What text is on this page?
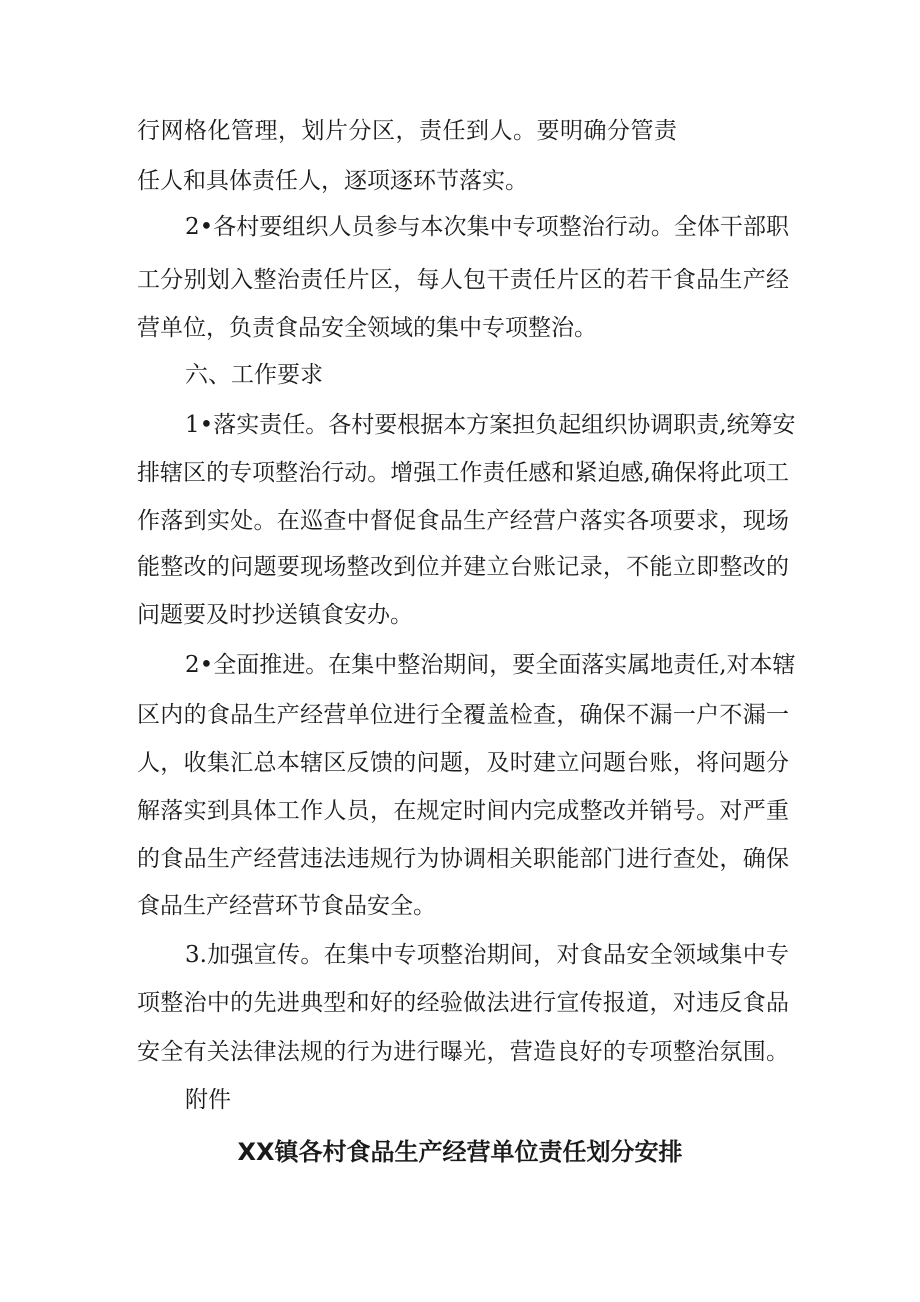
行网格化管理，划片分区，责任到人。要明确分管责
任人和具体责任人，逐项逐环节落实。
2•各村要组织人员参与本次集中专项整治行动。全体干部职
工分别划入整治责任片区，每人包干责任片区的若干食品生产经
营单位，负责食品安全领域的集中专项整治。
六、工作要求
1•落实责任。各村要根据本方案担负起组织协调职责,统筹安
排辖区的专项整治行动。增强工作责任感和紧迫感,确保将此项工
作落到实处。在巡查中督促食品生产经营户落实各项要求，现场
能整改的问题要现场整改到位并建立台账记录，不能立即整改的
问题要及时抄送镇食安办。
2•全面推进。在集中整治期间，要全面落实属地责任,对本辖
区内的食品生产经营单位进行全覆盖检查，确保不漏一户不漏一
人，收集汇总本辖区反馈的问题，及时建立问题台账，将问题分
解落实到具体工作人员，在规定时间内完成整改并销号。对严重
的食品生产经营违法违规行为协调相关职能部门进行查处，确保
食品生产经营环节食品安全。
3.加强宣传。在集中专项整治期间，对食品安全领域集中专
项整治中的先进典型和好的经验做法进行宣传报道，对违反食品
安全有关法律法规的行为进行曝光，营造良好的专项整治氛围。
附件
XX镇各村食品生产经营单位责任划分安排
